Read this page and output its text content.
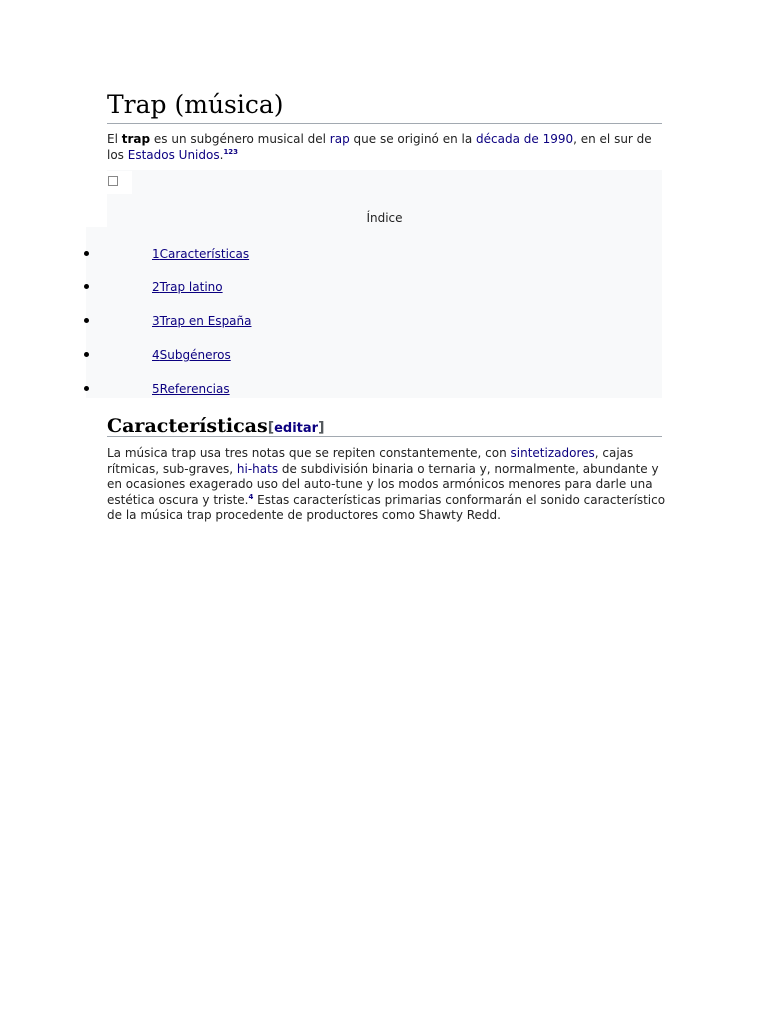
Trap (música)

El trap es un subgénero musical del rap que se originó en la década de 1990, en el sur de los Estados Unidos.$^{123}$

Índice
1Características
2Trap latino
3Trap en España
4Subgéneros
5Referencias
Características[editar]

La música trap usa tres notas que se repiten constantemente, con sintetizadores, cajas rítmicas, sub-graves, hi-hats de subdivisión binaria o ternaria y, normalmente, abundante y en ocasiones exagerado uso del auto-tune y los modos armónicos menores para darle una estética oscura y triste.$^4$ Estas características primarias conformarán el sonido característico de la música trap procedente de productores como Shawty Redd.
